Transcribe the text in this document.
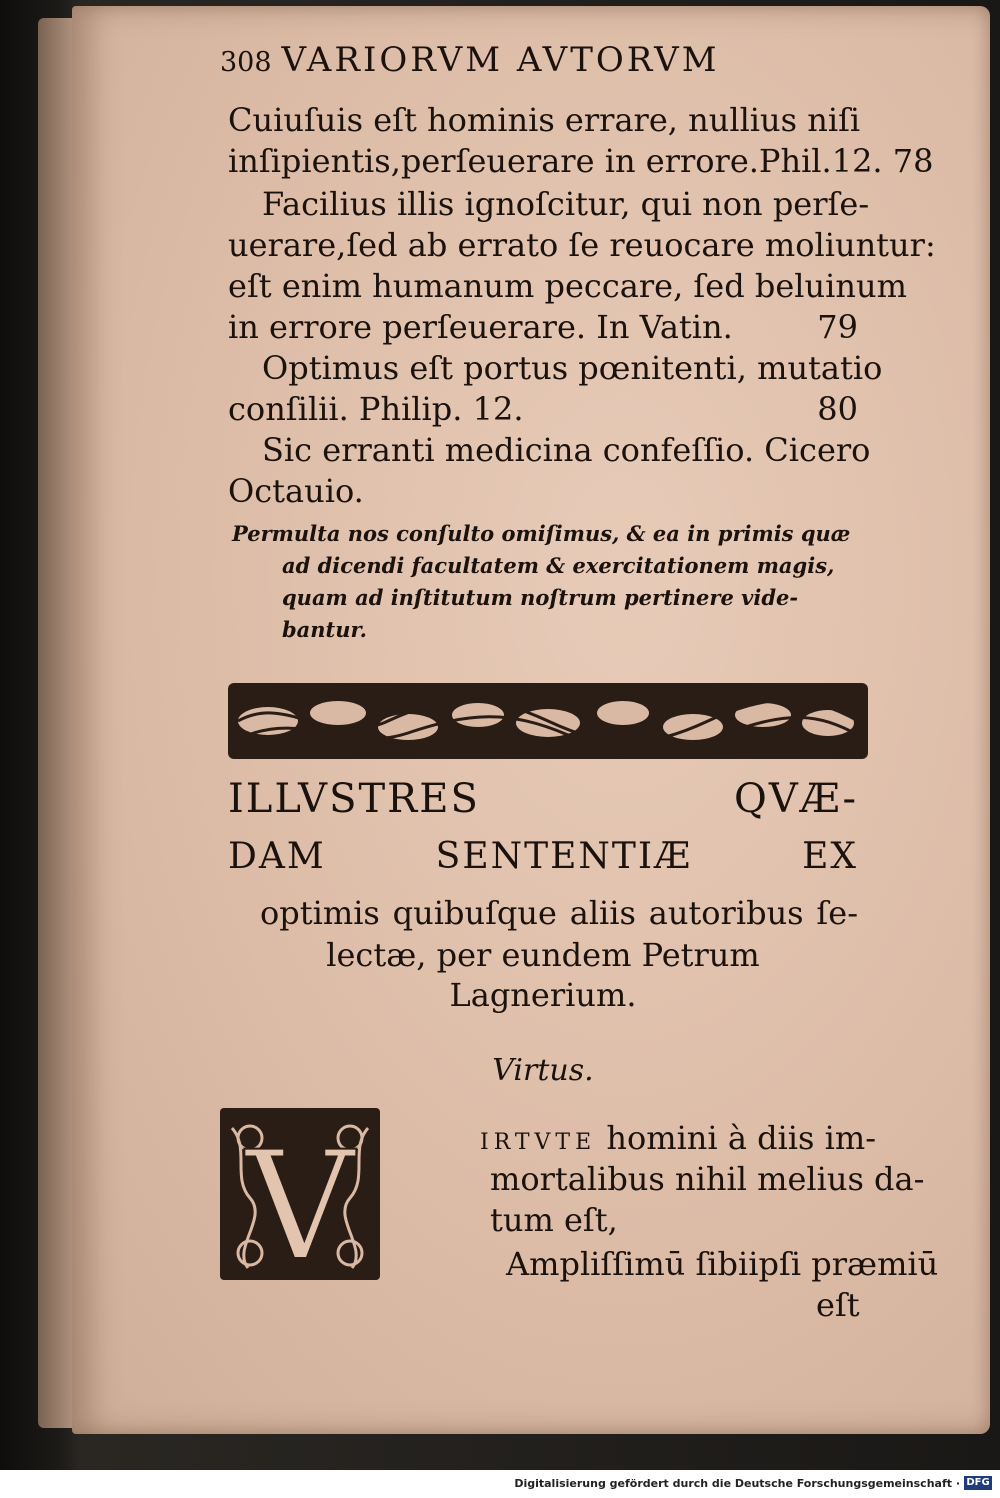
308 VARIORVM AVTORVM
Cuiuſuis eſt hominis errare, nullius niſi
inſipientis,perſeuerare in errore.Phil.12. 78
Facilius illis ignoſcitur, qui non perſe-
uerare,ſed ab errato ſe reuocare moliuntur:
eſt enim humanum peccare, ſed beluinum
in errore perſeuerare. In Vatin.	79
Optimus eſt portus pœnitenti, mutatio
conſilii. Philip. 12.	80
Sic erranti medicina confeſſio. Cicero
Octauio.
Permulta nos conſulto omiſimus, & ea in primis quæ
ad dicendi facultatem & exercitationem magis,
quam ad inſtitutum noſtrum pertinere vide-
bantur.
ILLVSTRES QVÆ-
DAM SENTENTIÆ EX
optimis quibuſque aliis autoribus ſe-
lectæ, per eundem Petrum
Lagnerium.
Virtus.
V	IRTVTE homini à diis im-
mortalibus nihil melius da-
tum eſt,
Ampliſſimū ſibiipſi præmiū
eſt
Digitalisierung gefördert durch die Deutsche Forschungsgemeinschaft · DFG
